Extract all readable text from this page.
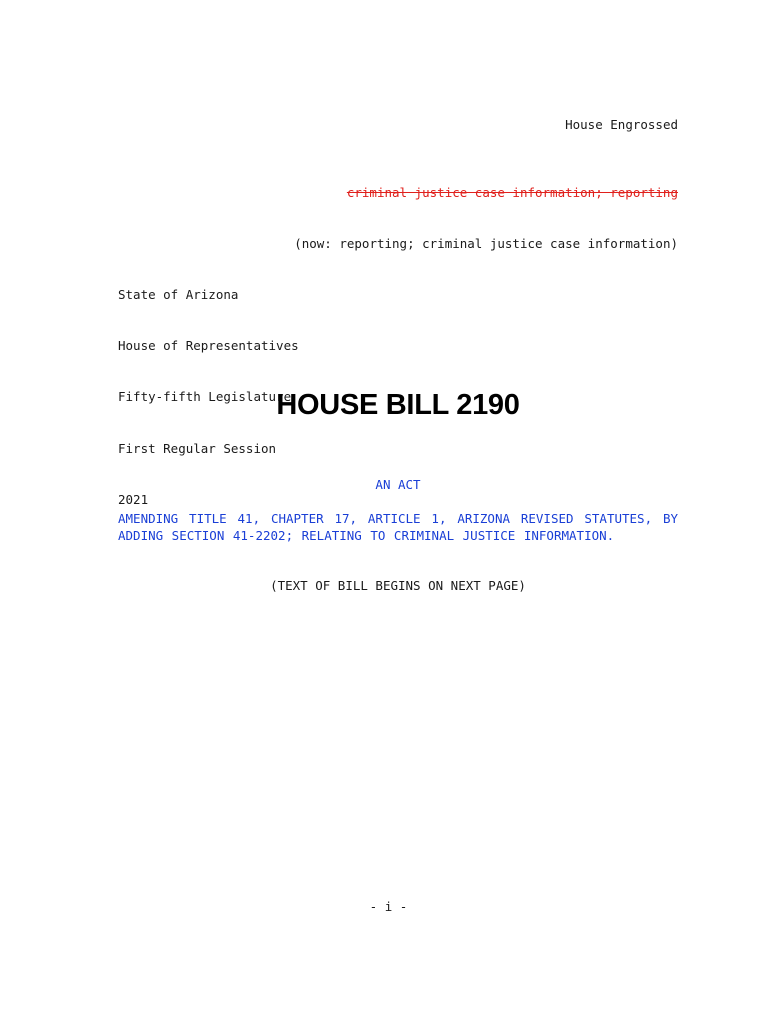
House Engrossed

criminal justice case information; reporting

(now: reporting; criminal justice case information)

State of Arizona

House of Representatives

Fifty-fifth Legislature

First Regular Session

2021

HOUSE BILL 2190
AN ACT
AMENDING TITLE 41, CHAPTER 17, ARTICLE 1, ARIZONA REVISED STATUTES, BY
ADDING SECTION 41-2202; RELATING TO CRIMINAL JUSTICE INFORMATION.
(TEXT OF BILL BEGINS ON NEXT PAGE)
- i -
